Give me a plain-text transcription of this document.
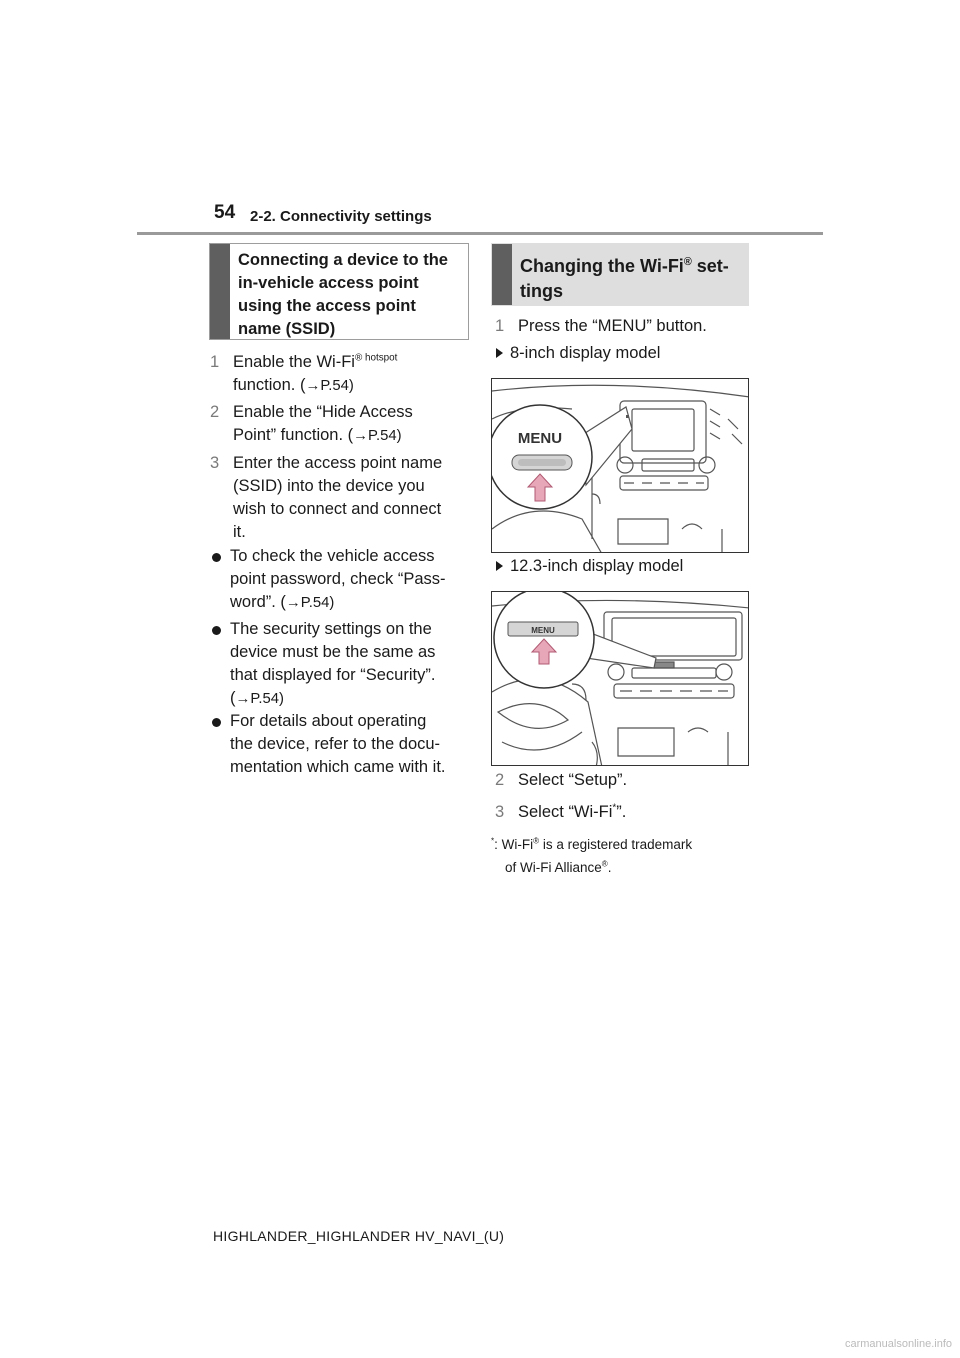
54 2-2. Connectivity settings
Connecting a device to the
in-vehicle access point
using the access point
name (SSID)
1 Enable the $Wi-Fi^{® hotspot}$
function. (→P.54)
2 Enable the “Hide Access
Point” function. (→P.54)
3 Enter the access point name
(SSID) into the device you
wish to connect and connect
it.
To check the vehicle access
point password, check “Pass-
word”. (→P.54)
The security settings on the
device must be the same as
that displayed for “Security”.
(→P.54)
For details about operating
the device, refer to the docu-
mentation which came with it.
Changing the Wi-Fi® set-
tings
1 Press the “MENU” button.
8-inch display model
MENU
12.3-inch display model
MENU
2 Select “Setup”.
3 Select “Wi-Fi*”.
*: Wi-Fi® is a registered trademark
of Wi-Fi Alliance®.
HIGHLANDER_HIGHLANDER HV_NAVI_(U)
carmanualsonline.info
